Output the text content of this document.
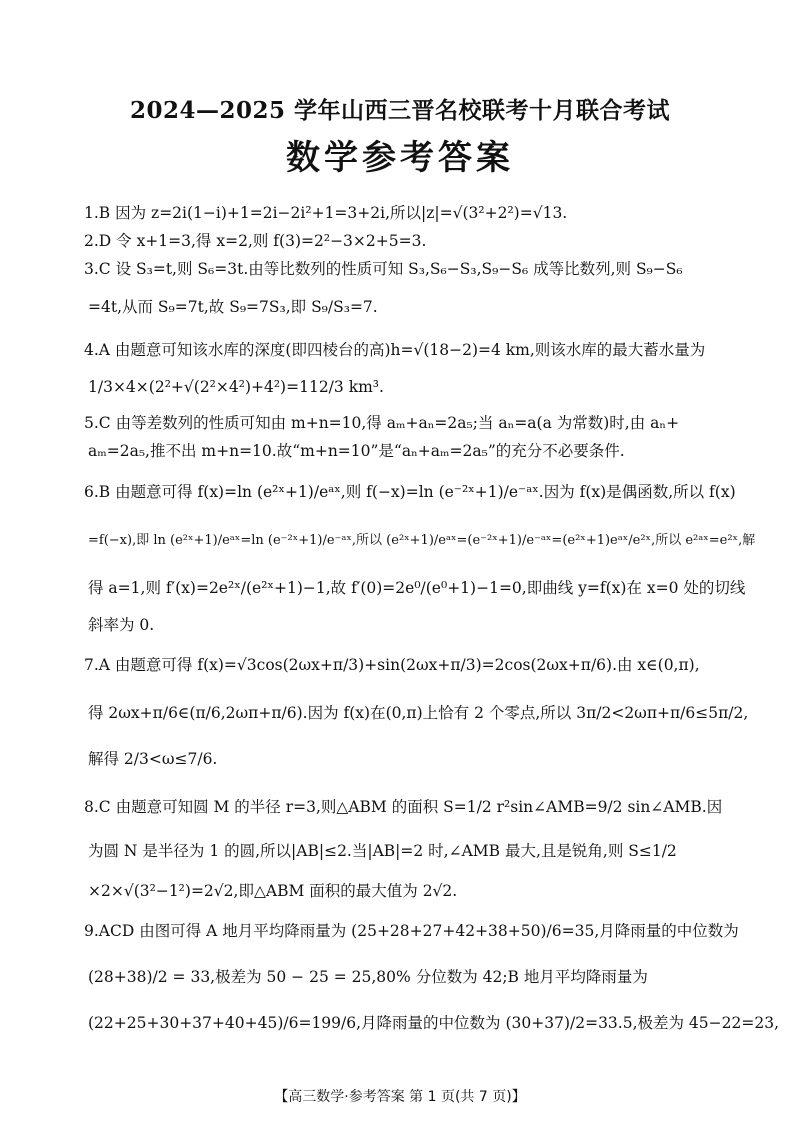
2024—2025 学年山西三晋名校联考十月联合考试
数学参考答案
1.B 因为 z=2i(1−i)+1=2i−2i²+1=3+2i,所以|z|=√(3²+2²)=√13.
2.D 令 x+1=3,得 x=2,则 f(3)=2²−3×2+5=3.
3.C 设 S₃=t,则 S₆=3t.由等比数列的性质可知 S₃,S₆−S₃,S₉−S₆ 成等比数列,则 S₉−S₆
=4t,从而 S₉=7t,故 S₉=7S₃,即 S₉/S₃=7.
4.A 由题意可知该水库的深度(即四棱台的高)h=√(18−2)=4 km,则该水库的最大蓄水量为
1/3×4×(2²+√(2²×4²)+4²)=112/3 km³.
5.C 由等差数列的性质可知由 m+n=10,得 aₘ+aₙ=2a₅;当 aₙ=a(a 为常数)时,由 aₙ+
aₘ=2a₅,推不出 m+n=10.故“m+n=10”是“aₙ+aₘ=2a₅”的充分不必要条件.
6.B 由题意可得 f(x)=ln (e²ˣ+1)/eᵃˣ,则 f(−x)=ln (e⁻²ˣ+1)/e⁻ᵃˣ.因为 f(x)是偶函数,所以 f(x)
=f(−x),即 ln (e²ˣ+1)/eᵃˣ=ln (e⁻²ˣ+1)/e⁻ᵃˣ,所以 (e²ˣ+1)/eᵃˣ=(e⁻²ˣ+1)/e⁻ᵃˣ=(e²ˣ+1)eᵃˣ/e²ˣ,所以 e²ᵃˣ=e²ˣ,解
得 a=1,则 f′(x)=2e²ˣ/(e²ˣ+1)−1,故 f′(0)=2e⁰/(e⁰+1)−1=0,即曲线 y=f(x)在 x=0 处的切线
斜率为 0.
7.A 由题意可得 f(x)=√3cos(2ωx+π/3)+sin(2ωx+π/3)=2cos(2ωx+π/6).由 x∈(0,π),
得 2ωx+π/6∈(π/6,2ωπ+π/6).因为 f(x)在(0,π)上恰有 2 个零点,所以 3π/2<2ωπ+π/6≤5π/2,
解得 2/3<ω≤7/6.
8.C 由题意可知圆 M 的半径 r=3,则△ABM 的面积 S=1/2 r²sin∠AMB=9/2 sin∠AMB.因
为圆 N 是半径为 1 的圆,所以|AB|≤2.当|AB|=2 时,∠AMB 最大,且是锐角,则 S≤1/2
×2×√(3²−1²)=2√2,即△ABM 面积的最大值为 2√2.
9.ACD 由图可得 A 地月平均降雨量为 (25+28+27+42+38+50)/6=35,月降雨量的中位数为
(28+38)/2 = 33,极差为 50 − 25 = 25,80% 分位数为 42;B 地月平均降雨量为
(22+25+30+37+40+45)/6=199/6,月降雨量的中位数为 (30+37)/2=33.5,极差为 45−22=23,
【高三数学·参考答案 第 1 页(共 7 页)】
